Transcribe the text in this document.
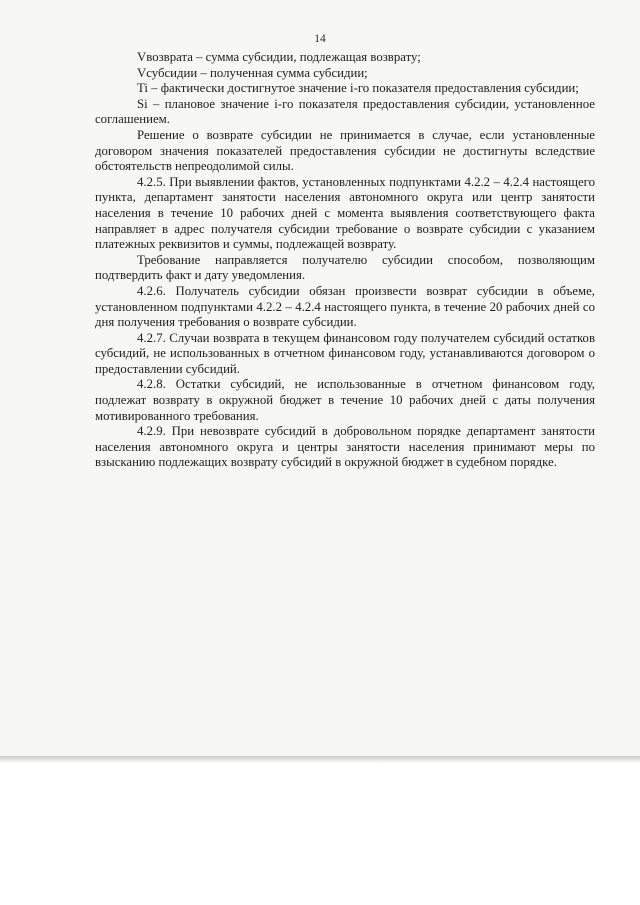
14

Vвозврата – сумма субсидии, подлежащая возврату;

Vсубсидии – полученная сумма субсидии;

Ti – фактически достигнутое значение i-го показателя предоставления субсидии;

Si – плановое значение i-го показателя предоставления субсидии, установленное соглашением.

Решение о возврате субсидии не принимается в случае, если установленные договором значения показателей предоставления субсидии не достигнуты вследствие обстоятельств непреодолимой силы.

4.2.5. При выявлении фактов, установленных подпунктами 4.2.2 – 4.2.4 настоящего пункта, департамент занятости населения автономного округа или центр занятости населения в течение 10 рабочих дней с момента выявления соответствующего факта направляет в адрес получателя субсидии требование о возврате субсидии с указанием платежных реквизитов и суммы, подлежащей возврату.

Требование направляется получателю субсидии способом, позволяющим подтвердить факт и дату уведомления.

4.2.6. Получатель субсидии обязан произвести возврат субсидии в объеме, установленном подпунктами 4.2.2 – 4.2.4 настоящего пункта, в течение 20 рабочих дней со дня получения требования о возврате субсидии.

4.2.7. Случаи возврата в текущем финансовом году получателем субсидий остатков субсидий, не использованных в отчетном финансовом году, устанавливаются договором о предоставлении субсидий.

4.2.8. Остатки субсидий, не использованные в отчетном финансовом году, подлежат возврату в окружной бюджет в течение 10 рабочих дней с даты получения мотивированного требования.

4.2.9. При невозврате субсидий в добровольном порядке департамент занятости населения автономного округа и центры занятости населения принимают меры по взысканию подлежащих возврату субсидий в окружной бюджет в судебном порядке.
